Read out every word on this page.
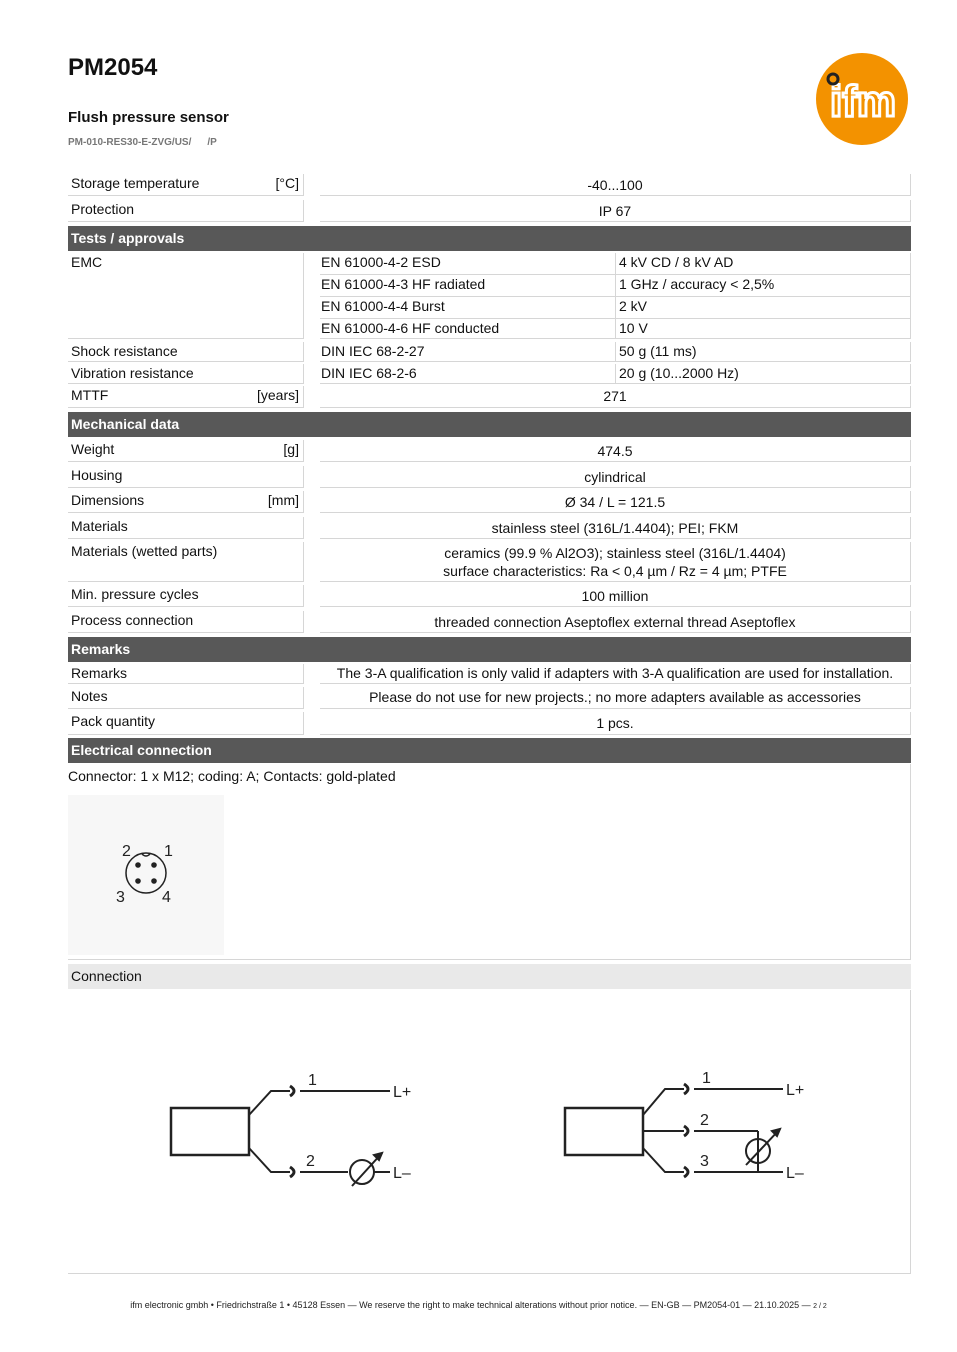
PM2054
Flush pressure sensor
PM-010-RES30-E-ZVG/US/ /P
ifm
Storage temperature	[°C]	-40...100
Protection	IP 67
Tests / approvals
EMC	EN 61000-4-2 ESD	4 kV CD / 8 kV AD
EN 61000-4-3 HF radiated	1 GHz / accuracy < 2,5%
EN 61000-4-4 Burst	2 kV
EN 61000-4-6 HF conducted	10 V
Shock resistance	DIN IEC 68-2-27	50 g (11 ms)
Vibration resistance	DIN IEC 68-2-6	20 g (10...2000 Hz)
MTTF	[years]	271
Mechanical data
Weight	[g]	474.5
Housing	cylindrical
Dimensions	[mm]	Ø 34 / L = 121.5
Materials	stainless steel (316L/1.4404); PEI; FKM
Materials (wetted parts)	ceramics (99.9 % Al2O3); stainless steel (316L/1.4404)
surface characteristics: Ra < 0,4 µm / Rz = 4 µm; PTFE
Min. pressure cycles	100 million
Process connection	threaded connection Aseptoflex external thread Aseptoflex
Remarks
Remarks	The 3-A qualification is only valid if adapters with 3-A qualification are used for installation.
Notes	Please do not use for new projects.; no more adapters available as accessories
Pack quantity	1 pcs.
Electrical connection
Connector: 1 x M12; coding: A; Contacts: gold-plated
2 1
3 4
Connection
1
2
L+
L–
1
2
3
L+
L–
ifm electronic gmbh • Friedrichstraße 1 • 45128 Essen — We reserve the right to make technical alterations without prior notice. — EN-GB — PM2054-01 — 21.10.2025 — 2 / 2
